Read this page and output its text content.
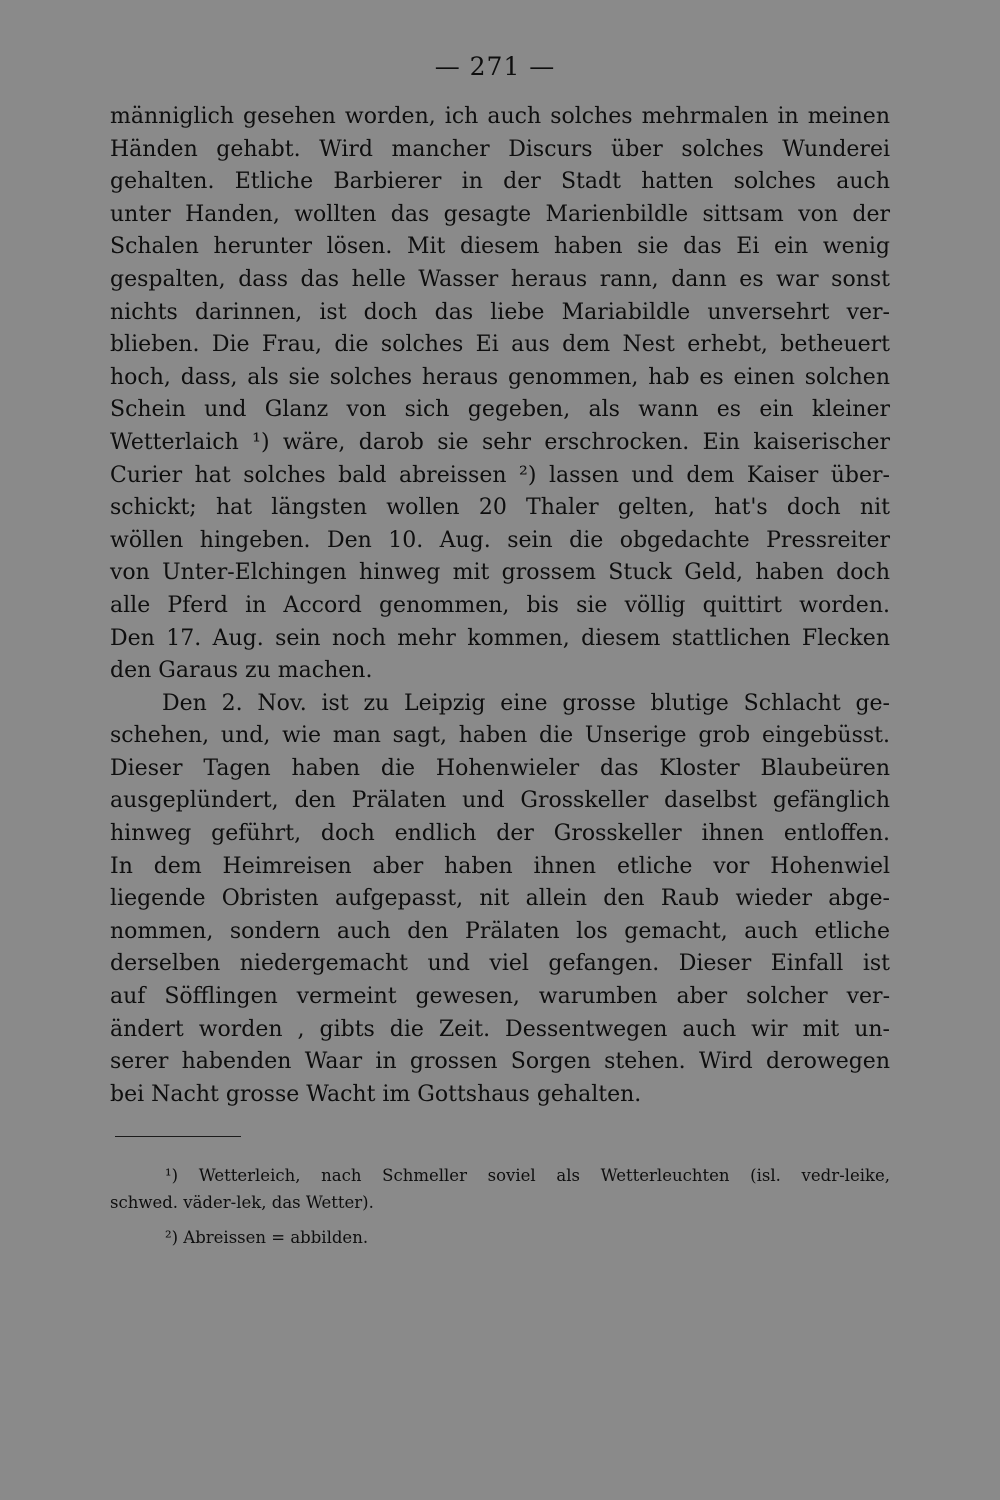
— 271 —
männiglich gesehen worden, ich auch solches mehrmalen in meinen
Händen gehabt. Wird mancher Discurs über solches Wunderei
gehalten. Etliche Barbierer in der Stadt hatten solches auch
unter Handen, wollten das gesagte Marienbildle sittsam von der
Schalen herunter lösen. Mit diesem haben sie das Ei ein wenig
gespalten, dass das helle Wasser heraus rann, dann es war sonst
nichts darinnen, ist doch das liebe Mariabildle unversehrt ver-
blieben. Die Frau, die solches Ei aus dem Nest erhebt, betheuert
hoch, dass, als sie solches heraus genommen, hab es einen solchen
Schein und Glanz von sich gegeben, als wann es ein kleiner
Wetterlaich ¹) wäre, darob sie sehr erschrocken. Ein kaiserischer
Curier hat solches bald abreissen ²) lassen und dem Kaiser über-
schickt; hat längsten wollen 20 Thaler gelten, hat's doch nit
wöllen hingeben. Den 10. Aug. sein die obgedachte Pressreiter
von Unter-Elchingen hinweg mit grossem Stuck Geld, haben doch
alle Pferd in Accord genommen, bis sie völlig quittirt worden.
Den 17. Aug. sein noch mehr kommen, diesem stattlichen Flecken
den Garaus zu machen.
Den 2. Nov. ist zu Leipzig eine grosse blutige Schlacht ge-
schehen, und, wie man sagt, haben die Unserige grob eingebüsst.
Dieser Tagen haben die Hohenwieler das Kloster Blaubeüren
ausgeplündert, den Prälaten und Grosskeller daselbst gefänglich
hinweg geführt, doch endlich der Grosskeller ihnen entloffen.
In dem Heimreisen aber haben ihnen etliche vor Hohenwiel
liegende Obristen aufgepasst, nit allein den Raub wieder abge-
nommen, sondern auch den Prälaten los gemacht, auch etliche
derselben niedergemacht und viel gefangen. Dieser Einfall ist
auf Söfflingen vermeint gewesen, warumben aber solcher ver-
ändert worden , gibts die Zeit. Dessentwegen auch wir mit un-
serer habenden Waar in grossen Sorgen stehen. Wird derowegen
bei Nacht grosse Wacht im Gottshaus gehalten.
¹) Wetterleich, nach Schmeller soviel als Wetterleuchten (isl. vedr-leike,
schwed. väder-lek, das Wetter).
²) Abreissen = abbilden.
